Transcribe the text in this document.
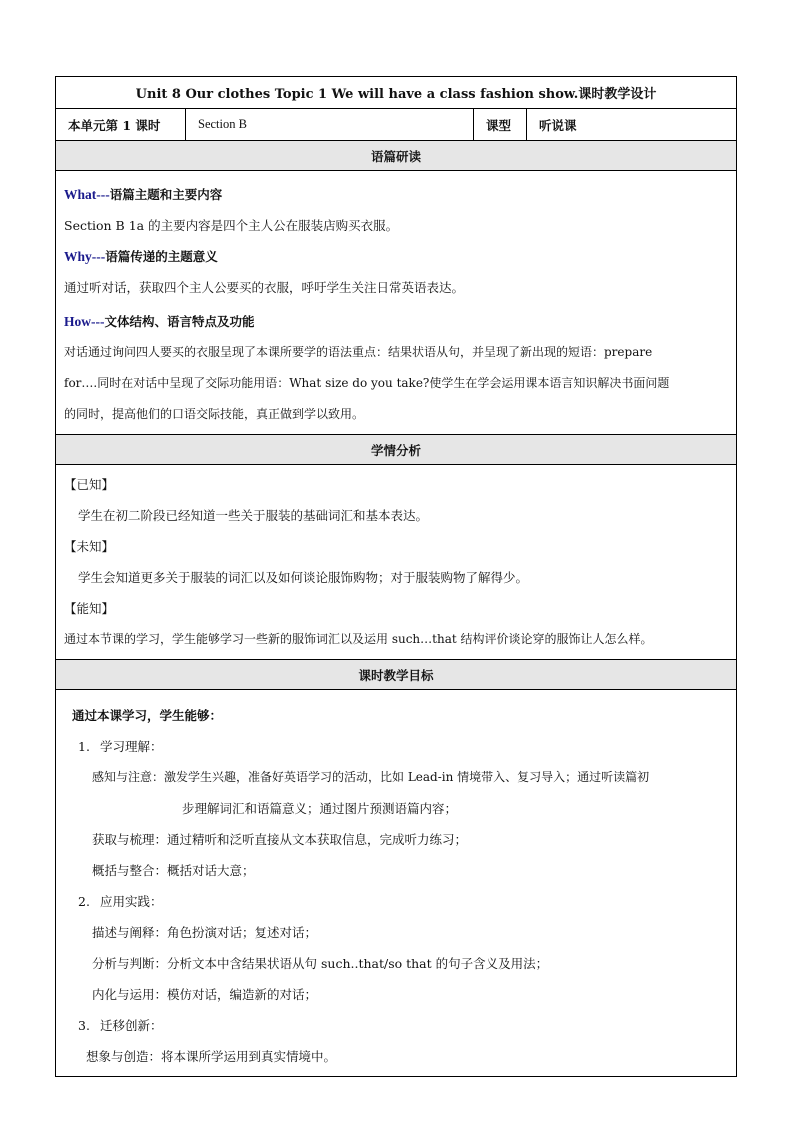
Unit 8 Our clothes Topic 1 We will have a class fashion show.课时教学设计
本单元第 1 课时	Section B	课型	听说课
语篇研读

What---语篇主题和主要内容

Section B 1a 的主要内容是四个主人公在服装店购买衣服。

Why---语篇传递的主题意义

通过听对话，获取四个主人公要买的衣服，呼吁学生关注日常英语表达。

How---文体结构、语言特点及功能

对话通过询问四人要买的衣服呈现了本课所要学的语法重点：结果状语从句，并呈现了新出现的短语：prepare

for….同时在对话中呈现了交际功能用语：What size do you take?使学生在学会运用课本语言知识解决书面问题

的同时，提高他们的口语交际技能，真正做到学以致用。

学情分析

【已知】

学生在初二阶段已经知道一些关于服装的基础词汇和基本表达。

【未知】

学生会知道更多关于服装的词汇以及如何谈论服饰购物；对于服装购物了解得少。

【能知】

通过本节课的学习，学生能够学习一些新的服饰词汇以及运用 such…that 结构评价谈论穿的服饰让人怎么样。

课时教学目标

通过本课学习，学生能够：

1. 学习理解：

感知与注意：激发学生兴趣，准备好英语学习的活动，比如 Lead-in 情境带入、复习导入；通过听读篇初

步理解词汇和语篇意义；通过图片预测语篇内容；

获取与梳理：通过精听和泛听直接从文本获取信息，完成听力练习；

概括与整合：概括对话大意；

2. 应用实践：

描述与阐释：角色扮演对话；复述对话；

分析与判断：分析文本中含结果状语从句 such..that/so that 的句子含义及用法；

内化与运用：模仿对话，编造新的对话；

3. 迁移创新：

想象与创造：将本课所学运用到真实情境中。
